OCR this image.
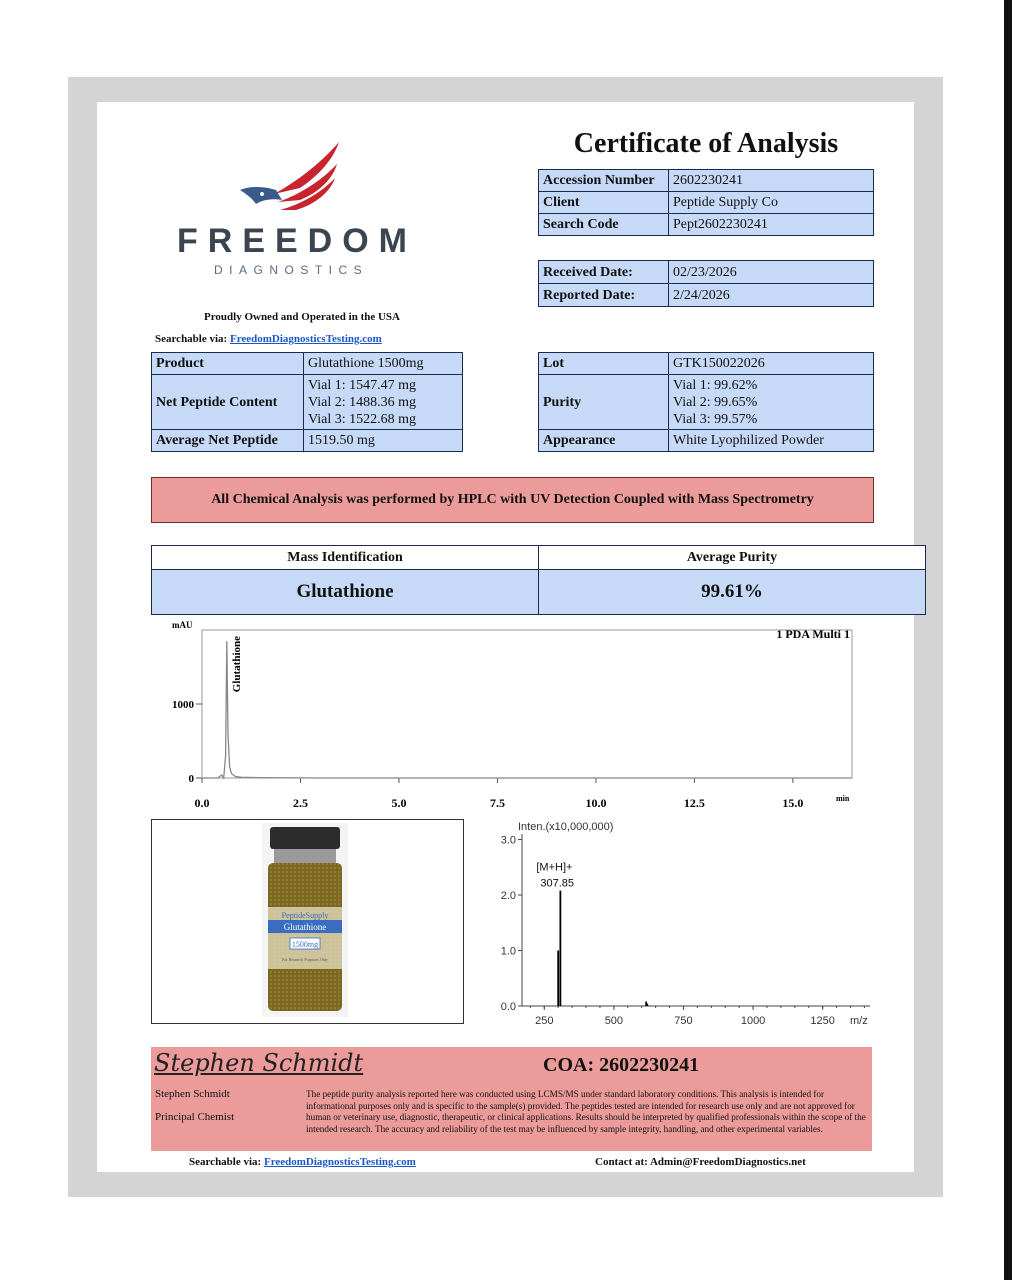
FREEDOM
DIAGNOSTICS
Proudly Owned and Operated in the USA
Searchable via: FreedomDiagnosticsTesting.com
Certificate of Analysis
Accession Number	2602230241
Client	Peptide Supply Co
Search Code	Pept2602230241
Received Date:	02/23/2026
Reported Date:	2/24/2026
Product	Glutathione 1500mg
Net Peptide Content	Vial 1: 1547.47 mg
Vial 2: 1488.36 mg
Vial 3: 1522.68 mg

Average Net Peptide	1519.50 mg
Lot	GTK150022026
Purity	Vial 1: 99.62%
Vial 2: 99.65%
Vial 3: 99.57%

Appearance	White Lyophilized Powder
All Chemical Analysis was performed by HPLC with UV Detection Coupled with Mass Spectrometry
Mass Identification	Average Purity
Glutathione	99.61%
mAU
1 PDA Multi 1
0
1000
0.0	2.5	5.0	7.5	10.0	12.5	15.0	min
Glutathione
PeptideSupply
Glutathione
1500mg
For Research Purposes Only
Inten.(x10,000,000)
0.0
1.0
2.0
3.0
250	500	750	1000	1250 m/z
[M+H]+
307.85
Stephen Schmidt	COA: 2602230241
Stephen Schmidt
Principal Chemist
The peptide purity analysis reported here was conducted using LCMS/MS under standard laboratory conditions. This analysis is intended for informational purposes only and is specific to the sample(s) provided. The peptides tested are intended for research use only and are not approved for human or veterinary use, diagnostic, therapeutic, or clinical applications. Results should be interpreted by qualified professionals within the scope of the intended research. The accuracy and reliability of the test may be influenced by sample integrity, handling, and other experimental variables.
Searchable via: FreedomDiagnosticsTesting.com	Contact at: Admin@FreedomDiagnostics.net
